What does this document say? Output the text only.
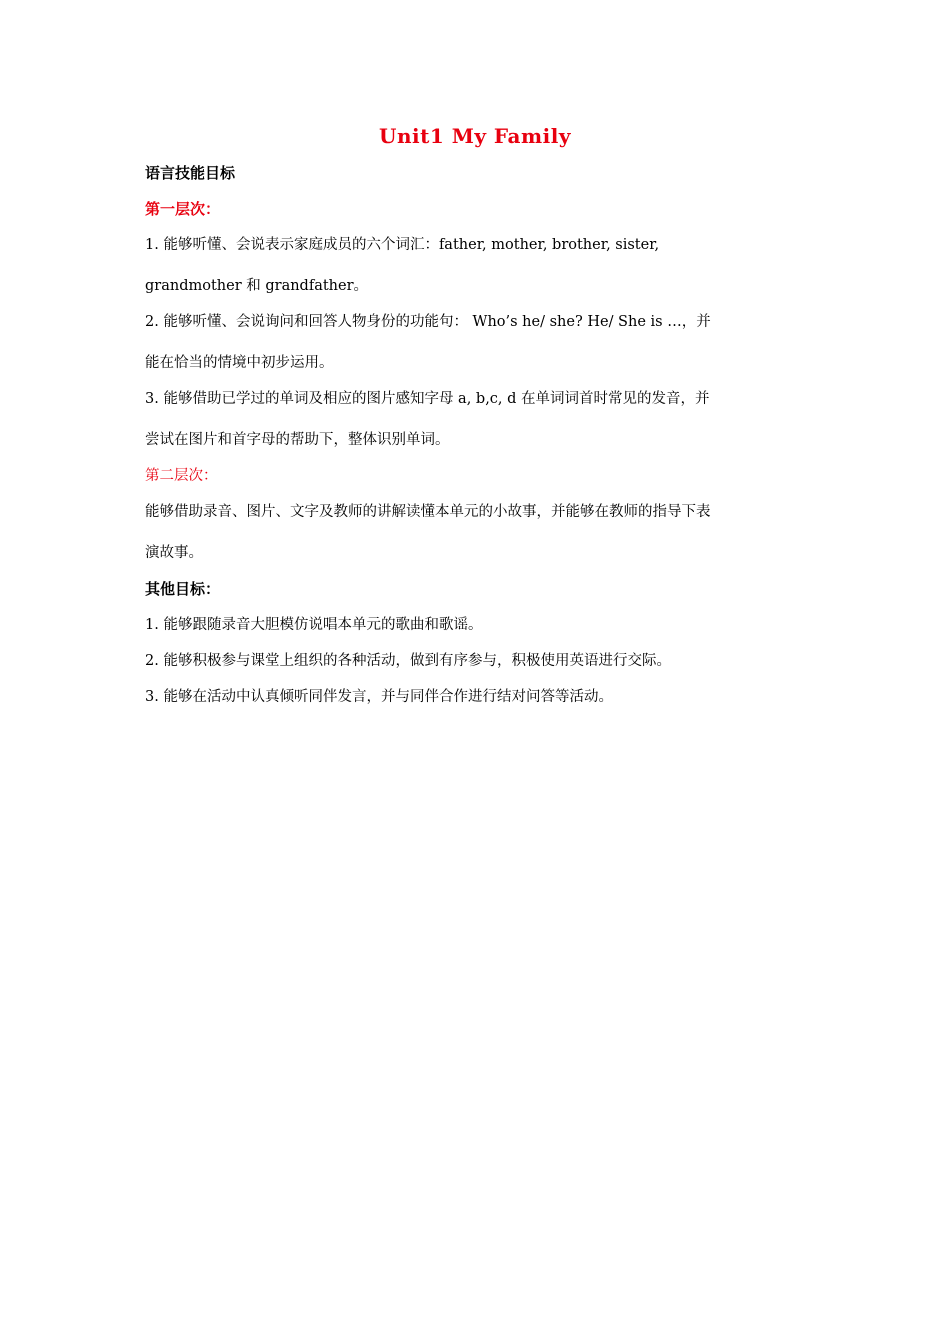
Unit1 My Family
语言技能目标
第一层次：
1. 能够听懂、会说表示家庭成员的六个词汇：father, mother, brother, sister,
grandmother 和 grandfather。
2. 能够听懂、会说询问和回答人物身份的功能句： Who’s he/ she? He/ She is …，并
能在恰当的情境中初步运用。
3. 能够借助已学过的单词及相应的图片感知字母 a, b,c, d 在单词词首时常见的发音，并
尝试在图片和首字母的帮助下，整体识别单词。
第二层次：
能够借助录音、图片、文字及教师的讲解读懂本单元的小故事，并能够在教师的指导下表
演故事。
其他目标：
1. 能够跟随录音大胆模仿说唱本单元的歌曲和歌谣。
2. 能够积极参与课堂上组织的各种活动，做到有序参与，积极使用英语进行交际。
3. 能够在活动中认真倾听同伴发言，并与同伴合作进行结对问答等活动。
